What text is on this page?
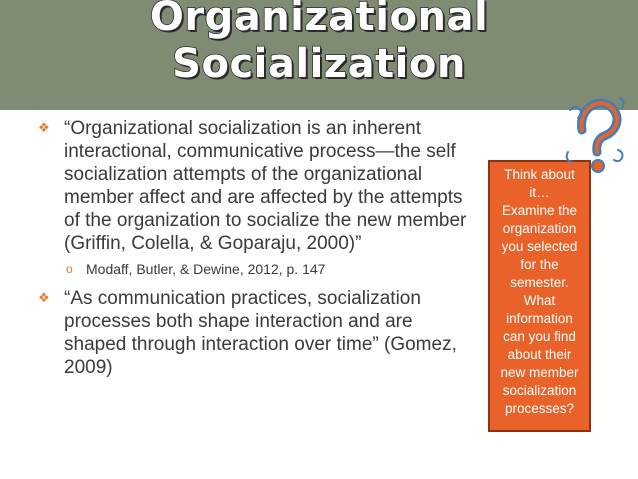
Organizational
Socialization
❖ “Organizational socialization is an inherent interactional, communicative process—the self socialization attempts of the organizational member affect and are affected by the attempts of the organization to socialize the new member (Griffin, Colella, & Goparaju, 2000)”
o Modaff, Butler, & Dewine, 2012, p. 147
❖ “As communication practices, socialization processes both shape interaction and are shaped through interaction over time” (Gomez, 2009)

Think about it…

Examine the organization you selected for the semester. What information can you find about their new member socialization processes?
